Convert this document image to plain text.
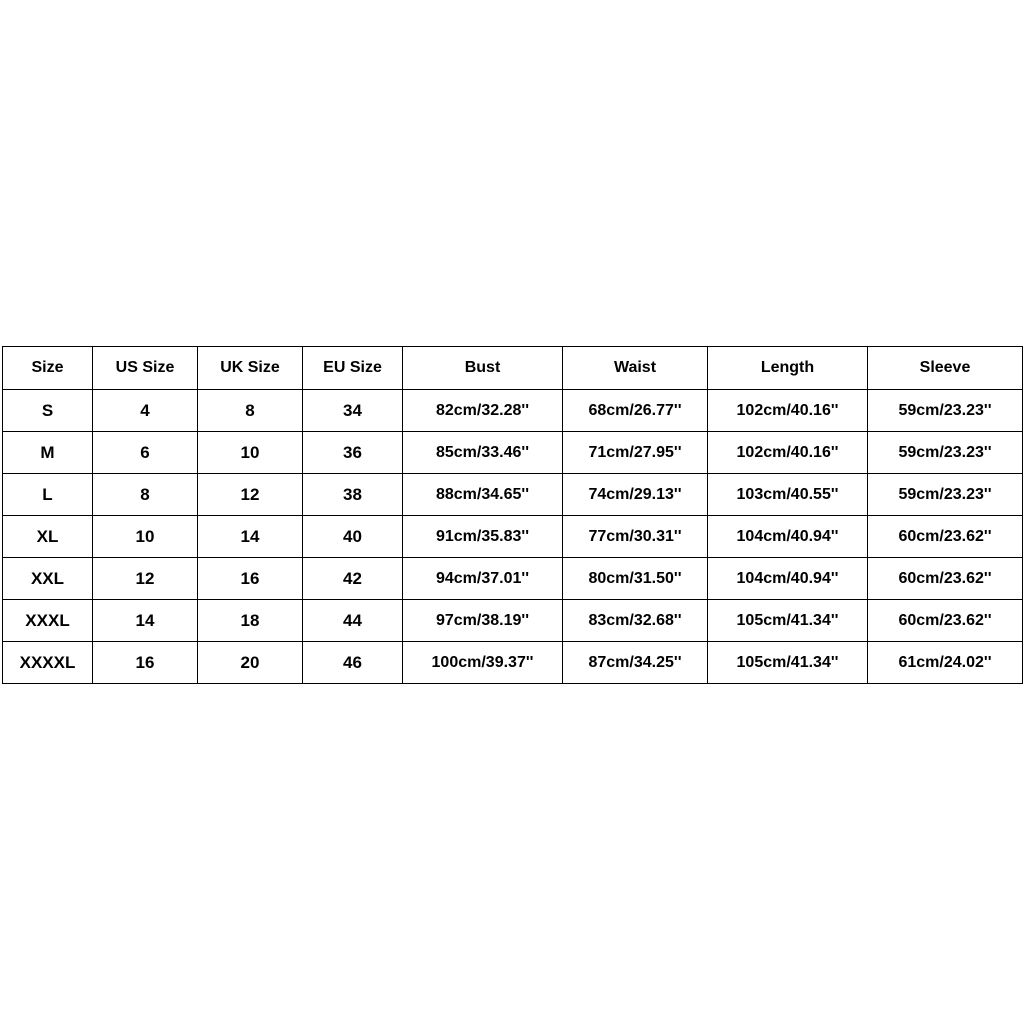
Size	US Size	UK Size	EU Size	Bust	Waist	Length	Sleeve
S	4	8	34	82cm/32.28''	68cm/26.77''	102cm/40.16''	59cm/23.23''
M	6	10	36	85cm/33.46''	71cm/27.95''	102cm/40.16''	59cm/23.23''
L	8	12	38	88cm/34.65''	74cm/29.13''	103cm/40.55''	59cm/23.23''
XL	10	14	40	91cm/35.83''	77cm/30.31''	104cm/40.94''	60cm/23.62''
XXL	12	16	42	94cm/37.01''	80cm/31.50''	104cm/40.94''	60cm/23.62''
XXXL	14	18	44	97cm/38.19''	83cm/32.68''	105cm/41.34''	60cm/23.62''
XXXXL	16	20	46	100cm/39.37''	87cm/34.25''	105cm/41.34''	61cm/24.02''
